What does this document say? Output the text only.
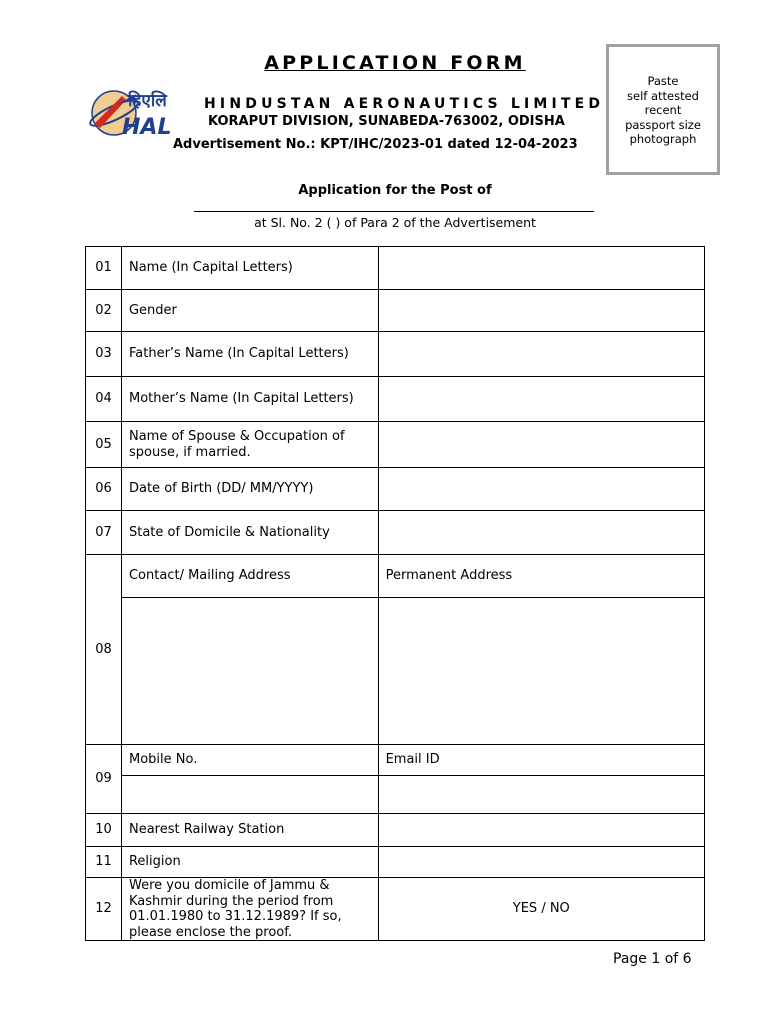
APPLICATION FORM
हिएलि
HAL
HINDUSTAN AERONAUTICS LIMITED
KORAPUT DIVISION, SUNABEDA-763002, ODISHA
Advertisement No.: KPT/IHC/2023-01 dated 12-04-2023
Paste
self attested
recent
passport size
photograph
Application for the Post of
at Sl. No. 2 ( ) of Para 2 of the Advertisement
01	Name (In Capital Letters)	
02	Gender	
03	Father’s Name (In Capital Letters)	
04	Mother’s Name (In Capital Letters)	
05	Name of Spouse & Occupation of spouse, if married.	
06	Date of Birth (DD/ MM/YYYY)	
07	State of Domicile & Nationality	
08	Contact/ Mailing Address	Permanent Address

09	Mobile No.	Email ID

10	Nearest Railway Station	
11	Religion	
12	Were you domicile of Jammu & Kashmir during the period from 01.01.1980 to 31.12.1989? If so, please enclose the proof.	YES / NO
Page 1 of 6
